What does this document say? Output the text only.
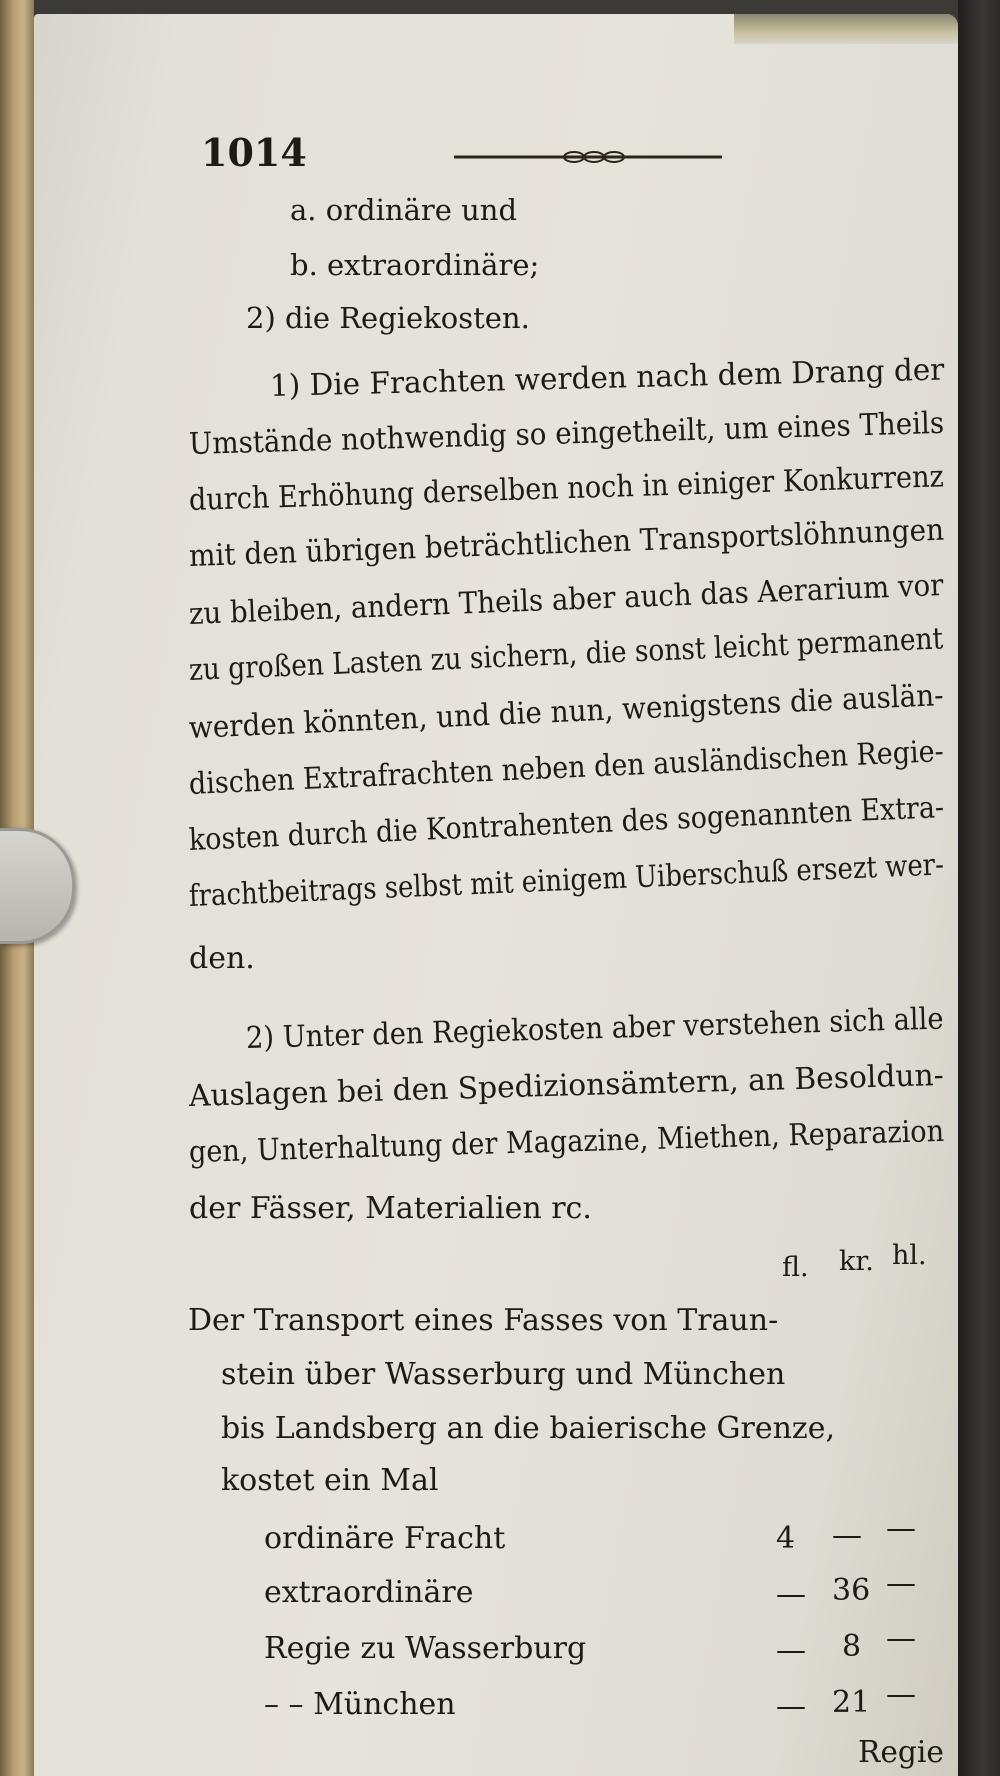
1014
a. ordinäre und
b. extraordinäre;
2) die Regiekosten.
1) Die Frachten werden nach dem Drang der
Umstände nothwendig so eingetheilt, um eines Theils
durch Erhöhung derselben noch in einiger Konkurrenz
mit den übrigen beträchtlichen Transportslöhnungen
zu bleiben, andern Theils aber auch das Aerarium vor
zu großen Lasten zu sichern, die sonst leicht permanent
werden könnten, und die nun, wenigstens die auslän-
dischen Extrafrachten neben den ausländischen Regie-
kosten durch die Kontrahenten des sogenannten Extra-
frachtbeitrags selbst mit einigem Uiberschuß ersezt wer-
den.
2) Unter den Regiekosten aber verstehen sich alle
Auslagen bei den Spedizionsämtern, an Besoldun-
gen, Unterhaltung der Magazine, Miethen, Reparazion
der Fässer, Materialien rc.
fl. kr. hl.
Der Transport eines Fasses von Traun-
stein über Wasserburg und München
bis Landsberg an die baierische Grenze,
kostet ein Mal
ordinäre Fracht	4 — —
extraordinäre	— 36 —
Regie zu Wasserburg	— 8 —
– – München	— 21 —
Regie
